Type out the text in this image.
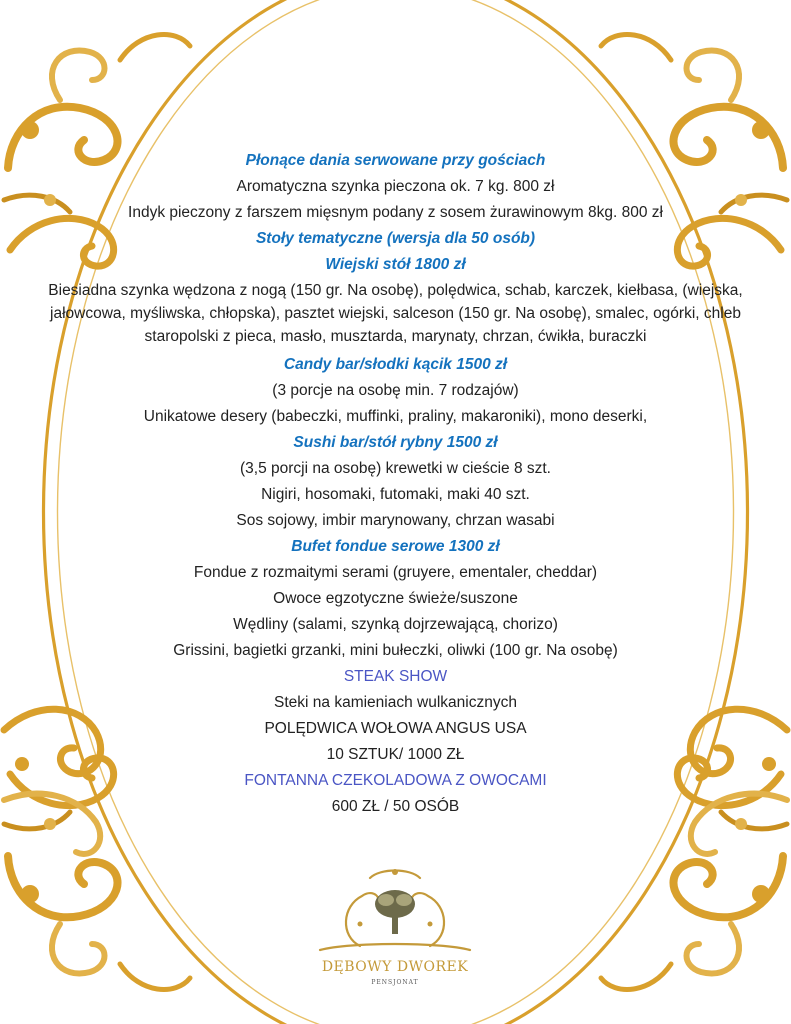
Płonące dania serwowane przy gościach

Aromatyczna szynka pieczona ok. 7 kg. 800 zł

Indyk pieczony z farszem mięsnym podany z sosem żurawinowym 8kg. 800 zł

Stoły tematyczne (wersja dla 50 osób)

Wiejski stół 1800 zł

Biesiadna szynka wędzona z nogą (150 gr. Na osobę), polędwica, schab, karczek, kiełbasa, (wiejska, jałowcowa, myśliwska, chłopska), pasztet wiejski, salceson (150 gr. Na osobę), smalec, ogórki, chleb staropolski z pieca, masło, musztarda, marynaty, chrzan, ćwikła, buraczki

Candy bar/słodki kącik 1500 zł

(3 porcje na osobę min. 7 rodzajów)

Unikatowe desery (babeczki, muffinki, praliny, makaroniki), mono deserki,

Sushi bar/stół rybny 1500 zł

(3,5 porcji na osobę) krewetki w cieście 8 szt.

Nigiri, hosomaki, futomaki, maki 40 szt.

Sos sojowy, imbir marynowany, chrzan wasabi

Bufet fondue serowe 1300 zł

Fondue z rozmaitymi serami (gruyere, ementaler, cheddar)

Owoce egzotyczne świeże/suszone

Wędliny (salami, szynką dojrzewającą, chorizo)

Grissini, bagietki grzanki, mini bułeczki, oliwki (100 gr. Na osobę)

STEAK SHOW

Steki na kamieniach wulkanicznych

POLĘDWICA WOŁOWA ANGUS USA

10 SZTUK/ 1000 ZŁ

FONTANNA CZEKOLADOWA Z OWOCAMI

600 ZŁ / 50 OSÓB

DĘBOWY DWOREK
PENSJONAT
